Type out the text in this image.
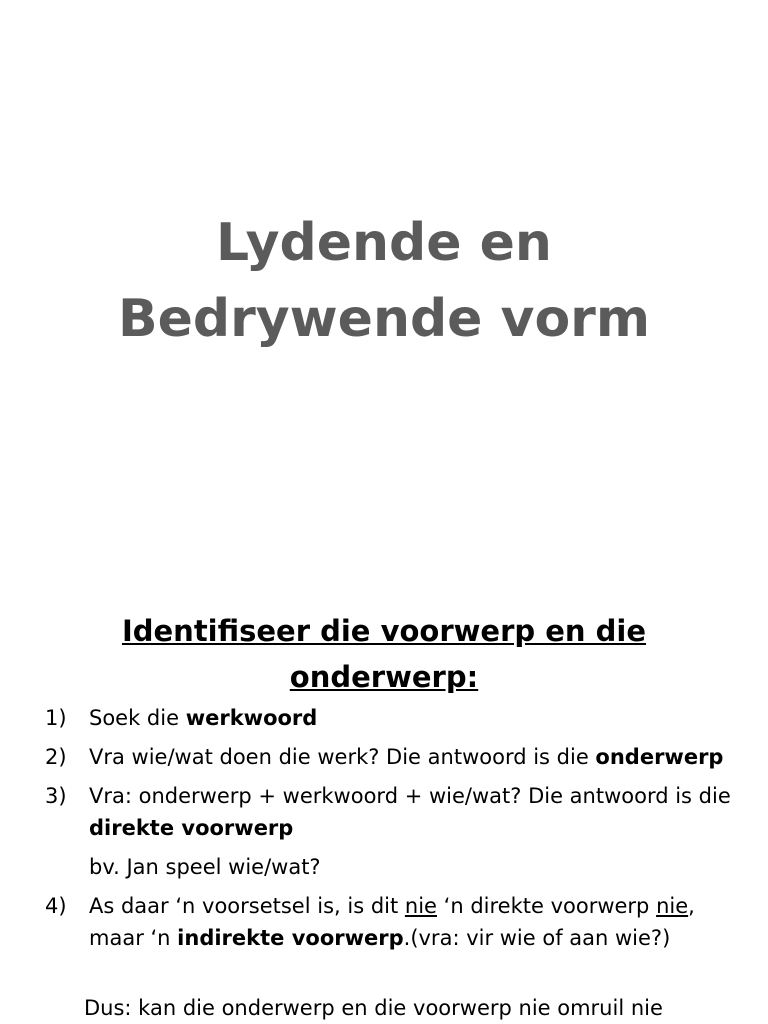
Lydende en
Bedrywende vorm
Identifiseer die voorwerp en die
onderwerp:
1) Soek die werkwoord
2) Vra wie/wat doen die werk? Die antwoord is die onderwerp
3) Vra: onderwerp + werkwoord + wie/wat? Die antwoord is die direkte voorwerp
bv. Jan speel wie/wat?
4) As daar ‘n voorsetsel is, is dit nie ‘n direkte voorwerp nie, maar ‘n indirekte voorwerp.(vra: vir wie of aan wie?)
Dus: kan die onderwerp en die voorwerp nie omruil nie
